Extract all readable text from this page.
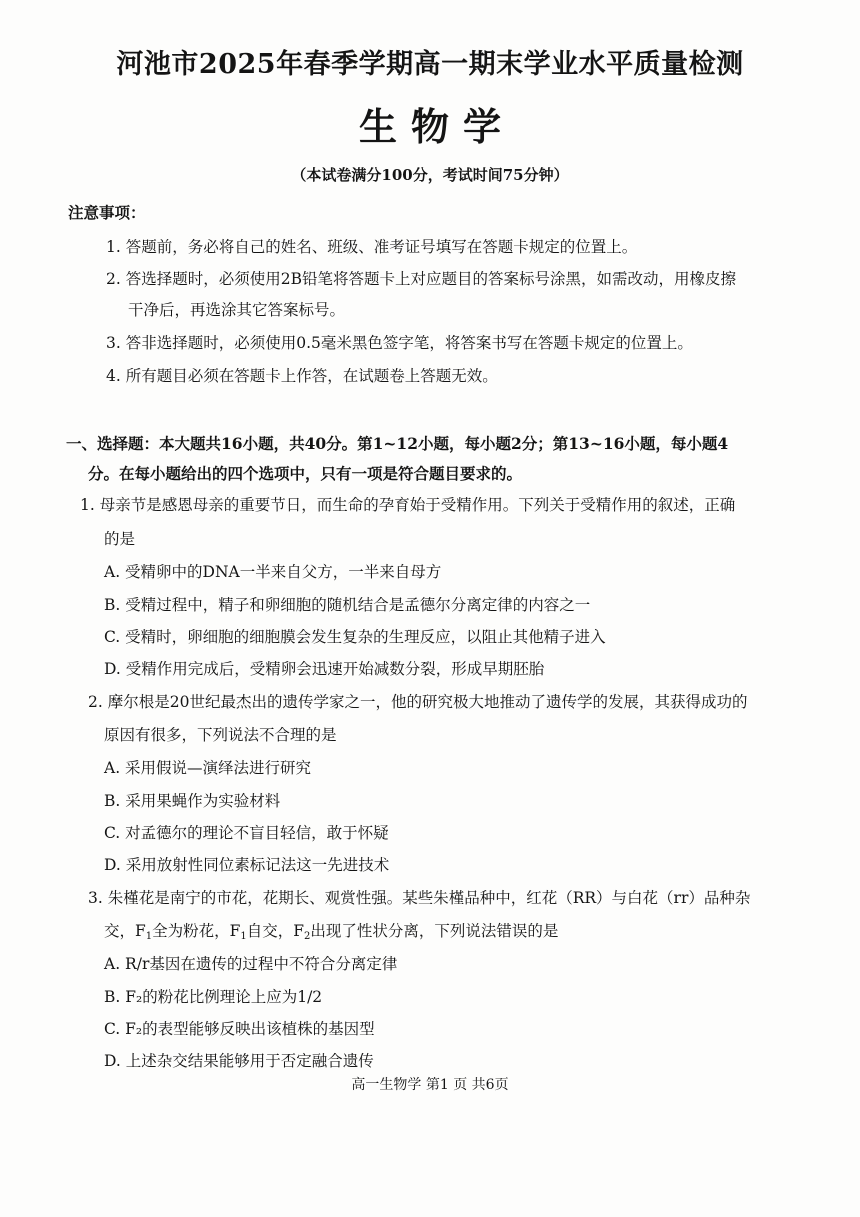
河池市2025年春季学期高一期末学业水平质量检测
生物学
（本试卷满分100分，考试时间75分钟）
注意事项：
1. 答题前，务必将自己的姓名、班级、准考证号填写在答题卡规定的位置上。
2. 答选择题时，必须使用2B铅笔将答题卡上对应题目的答案标号涂黑，如需改动，用橡皮擦
干净后，再选涂其它答案标号。
3. 答非选择题时，必须使用0.5毫米黑色签字笔，将答案书写在答题卡规定的位置上。
4. 所有题目必须在答题卡上作答，在试题卷上答题无效。
一、选择题：本大题共16小题，共40分。第1~12小题，每小题2分；第13~16小题，每小题4
分。在每小题给出的四个选项中，只有一项是符合题目要求的。
1. 母亲节是感恩母亲的重要节日，而生命的孕育始于受精作用。下列关于受精作用的叙述，正确
的是
A. 受精卵中的DNA一半来自父方，一半来自母方
B. 受精过程中，精子和卵细胞的随机结合是孟德尔分离定律的内容之一
C. 受精时，卵细胞的细胞膜会发生复杂的生理反应，以阻止其他精子进入
D. 受精作用完成后，受精卵会迅速开始减数分裂，形成早期胚胎
2. 摩尔根是20世纪最杰出的遗传学家之一，他的研究极大地推动了遗传学的发展，其获得成功的
原因有很多，下列说法不合理的是
A. 采用假说—演绎法进行研究
B. 采用果蝇作为实验材料
C. 对孟德尔的理论不盲目轻信，敢于怀疑
D. 采用放射性同位素标记法这一先进技术
3. 朱槿花是南宁的市花，花期长、观赏性强。某些朱槿品种中，红花（RR）与白花（rr）品种杂
交，$F_1$全为粉花，$F_1$自交，$F_2$出现了性状分离，下列说法错误的是
A. R/r基因在遗传的过程中不符合分离定律
B. F₂的粉花比例理论上应为1/2
C. F₂的表型能够反映出该植株的基因型
D. 上述杂交结果能够用于否定融合遗传
高一生物学 第1 页 共6页
